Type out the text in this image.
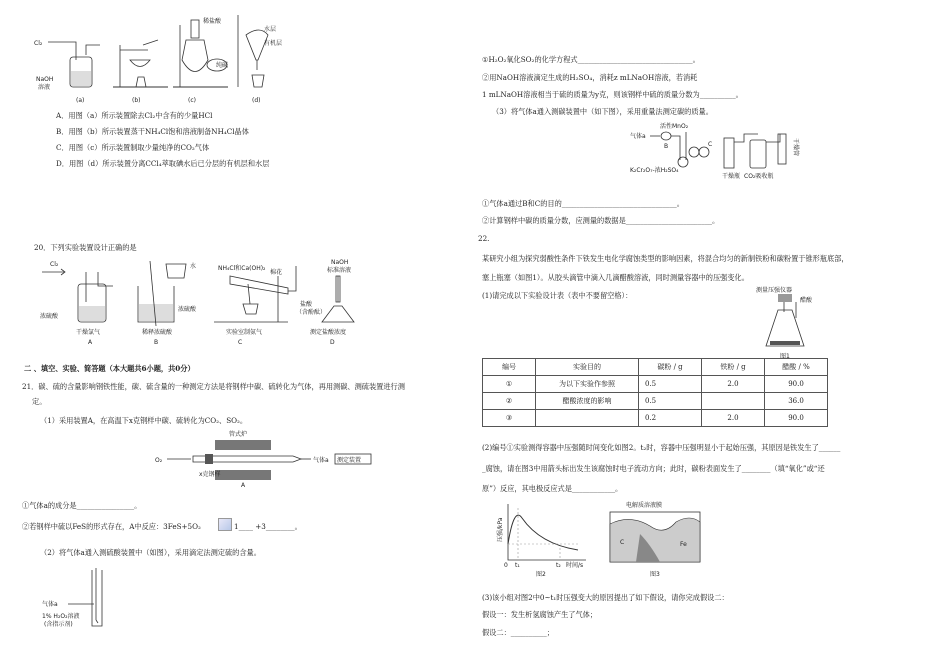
Cl₂
NaOH
溶液
(a)	(b)
稀盐酸
纯碱
(c)
水层
有机层
(d)
A．用图（a）所示装置除去Cl₂中含有的少量HCl
B．用图（b）所示装置蒸干NH₄Cl饱和溶液制备NH₄Cl晶体
C．用图（c）所示装置制取少量纯净的CO₂气体
D．用图（d）所示装置分离CCl₄萃取碘水后已分层的有机层和水层
20．下列实验装置设计正确的是
Cl₂
浓硫酸
干燥氯气
A
水
浓硫酸
稀释浓硫酸
B
NH₄Cl和Ca(OH)₂
棉花
实验室制氨气
C
NaOH
标准溶液
盐酸
（含酚酞）
测定盐酸浓度
D
二 、填空、实验、简答题（本大题共6小题，共0分）
21．碳、硫的含量影响钢铁性能，碳、硫含量的一种测定方法是将钢样中碳、硫转化为气体，再用测碳、测硫装置进行测
定。
（1）采用装置A，在高温下x克钢样中碳、硫转化为CO₂、SO₂。
管式炉
O₂	气体a 测定装置
x克钢样
A
①气体a的成分是________________。
②若钢样中硫以FeS的形式存在，A中反应：3FeS+5O₂	1____ +3________。
（2）将气体a通入测硫酸装置中（如图），采用滴定法测定硫的含量。
气体a
1% H₂O₂溶液
(含指示剂)
①H₂O₂氧化SO₂的化学方程式________________________________。
②用NaOH溶液滴定生成的H₂SO₄，消耗z mLNaOH溶液，若消耗
1 mLNaOH溶液相当于硫的质量为y克，则该钢样中硫的质量分数为__________。
（3）将气体a通入测碳装置中（如下图），采用重量法测定碳的质量。
气体a
活性MnO₂
B	C
K₂Cr₂O₇-浓H₂SO₄
干燥瓶 CO₂吸收瓶
干燥管
①气体a通过B和C的目的________________________________。
②计算钢样中碳的质量分数，应测量的数据是________________________。
22.
某研究小组为探究弱酸性条件下铁发生电化学腐蚀类型的影响因素，将混合均匀的新制铁粉和碳粉置于锥形瓶底部，
塞上瓶塞（如图1）。从胶头滴管中滴入几滴醋酸溶液，同时测量容器中的压强变化。
(1)请完成以下实验设计表（表中不要留空格）：
测量压强仪器
醋酸
图1
编号	实验目的	碳粉 / g	铁粉 / g	醋酸 / %
①	为以下实验作参照	0.5	2.0	90.0
②	醋酸浓度的影响	0.5		36.0
③		0.2	2.0	90.0
(2)编号①实验测得容器中压强随时间变化如图2。t₂时，容器中压强明显小于起始压强，其原因是铁发生了______
_腐蚀，请在图3中用箭头标出发生该腐蚀时电子流动方向；此时，碳粉表面发生了________（填“氧化”或“还
原”）反应，其电极反应式是____________。
压强/kPa
0 t₁	t₂ 时间/s
图2
电解质溶液膜
C	Fe
图3
(3)该小组对图2中0~t₁时压强变大的原因提出了如下假设，请你完成假设二：
假设一：发生析氢腐蚀产生了气体；
假设二：__________；
